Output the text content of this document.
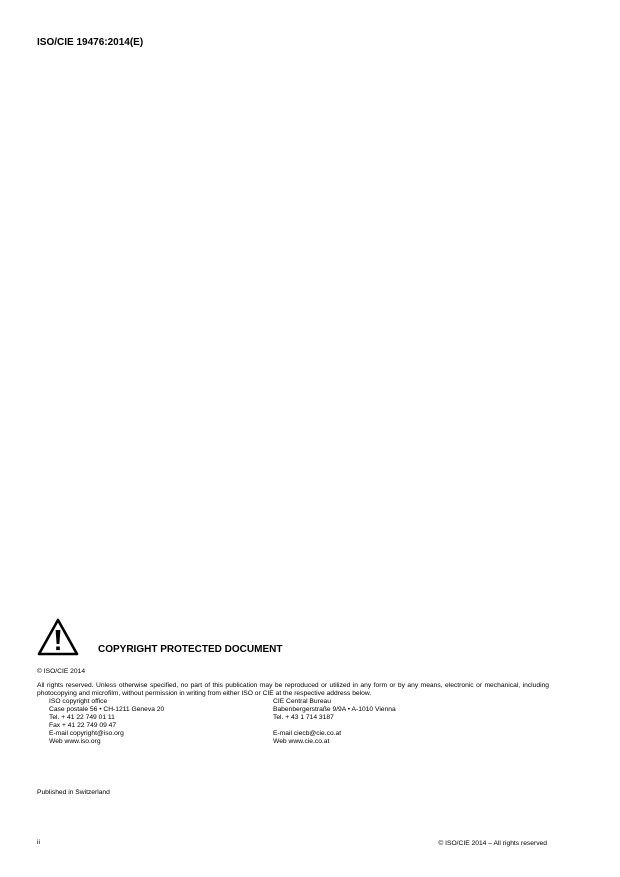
ISO/CIE 19476:2014(E)
COPYRIGHT PROTECTED DOCUMENT
© ISO/CIE 2014
All rights reserved. Unless otherwise specified, no part of this publication may be reproduced or utilized in any form or by any means, electronic or mechanical, including photocopying and microfilm, without permission in writing from either ISO or CIE at the respective address below.
ISO copyright office
Case postale 56 • CH-1211 Geneva 20
Tel. + 41 22 749 01 11
Fax + 41 22 749 09 47
E-mail copyright@iso.org
Web www.iso.org
CIE Central Bureau
Babenbergerstraße 9/9A • A-1010 Vienna
Tel. + 43 1 714 3187
E-mail ciecb@cie.co.at
Web www.cie.co.at
Published in Switzerland
ii	© ISO/CIE 2014 – All rights reserved
